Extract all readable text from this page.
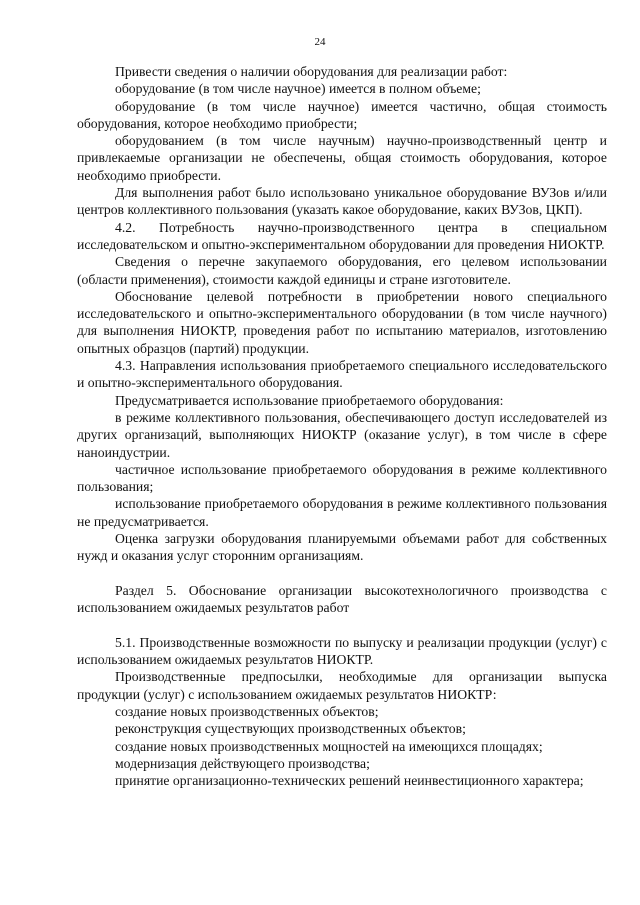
24

Привести сведения о наличии оборудования для реализации работ:

оборудование (в том числе научное) имеется в полном объеме;

оборудование (в том числе научное) имеется частично, общая стоимость оборудования, которое необходимо приобрести;

оборудованием (в том числе научным) научно-производственный центр и привлекаемые организации не обеспечены, общая стоимость оборудования, которое необходимо приобрести.

Для выполнения работ было использовано уникальное оборудование ВУЗов и/или центров коллективного пользования (указать какое оборудование, каких ВУЗов, ЦКП).

4.2. Потребность научно-производственного центра в специальном исследовательском и опытно-экспериментальном оборудовании для проведения НИОКТР.

Сведения о перечне закупаемого оборудования, его целевом использовании (области применения), стоимости каждой единицы и стране изготовителе.

Обоснование целевой потребности в приобретении нового специального исследовательского и опытно-экспериментального оборудовании (в том числе научного) для выполнения НИОКТР, проведения работ по испытанию материалов, изготовлению опытных образцов (партий) продукции.

4.3. Направления использования приобретаемого специального исследовательского и опытно-экспериментального оборудования.

Предусматривается использование приобретаемого оборудования:

в режиме коллективного пользования, обеспечивающего доступ исследователей из других организаций, выполняющих НИОКТР (оказание услуг), в том числе в сфере наноиндустрии.

частичное использование приобретаемого оборудования в режиме коллективного пользования;

использование приобретаемого оборудования в режиме коллективного пользования не предусматривается.

Оценка загрузки оборудования планируемыми объемами работ для собственных нужд и оказания услуг сторонним организациям.

Раздел 5. Обоснование организации высокотехнологичного производства с использованием ожидаемых результатов работ

5.1. Производственные возможности по выпуску и реализации продукции (услуг) с использованием ожидаемых результатов НИОКТР.

Производственные предпосылки, необходимые для организации выпуска продукции (услуг) с использованием ожидаемых результатов НИОКТР:

создание новых производственных объектов;

реконструкция существующих производственных объектов;

создание новых производственных мощностей на имеющихся площадях;

модернизация действующего производства;

принятие организационно-технических решений неинвестиционного характера;
